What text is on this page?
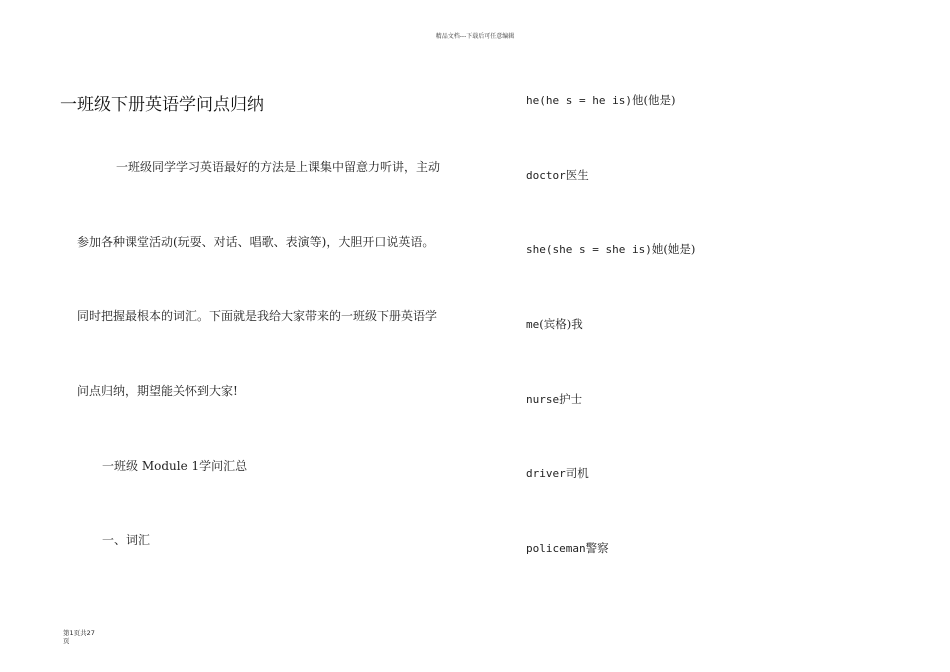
精品文档---下载后可任意编辑
一班级下册英语学问点归纳
一班级同学学习英语最好的方法是上课集中留意力听讲，主动
参加各种课堂活动(玩耍、对话、唱歌、表演等)，大胆开口说英语。
同时把握最根本的词汇。下面就是我给大家带来的一班级下册英语学
问点归纳，期望能关怀到大家!
一班级 Module 1学问汇总
一、词汇
he(he s = he is)他(他是)
doctor医生
she(she s = she is)她(她是)
me(宾格)我
nurse护士
driver司机
policeman警察
第1页共27
页
